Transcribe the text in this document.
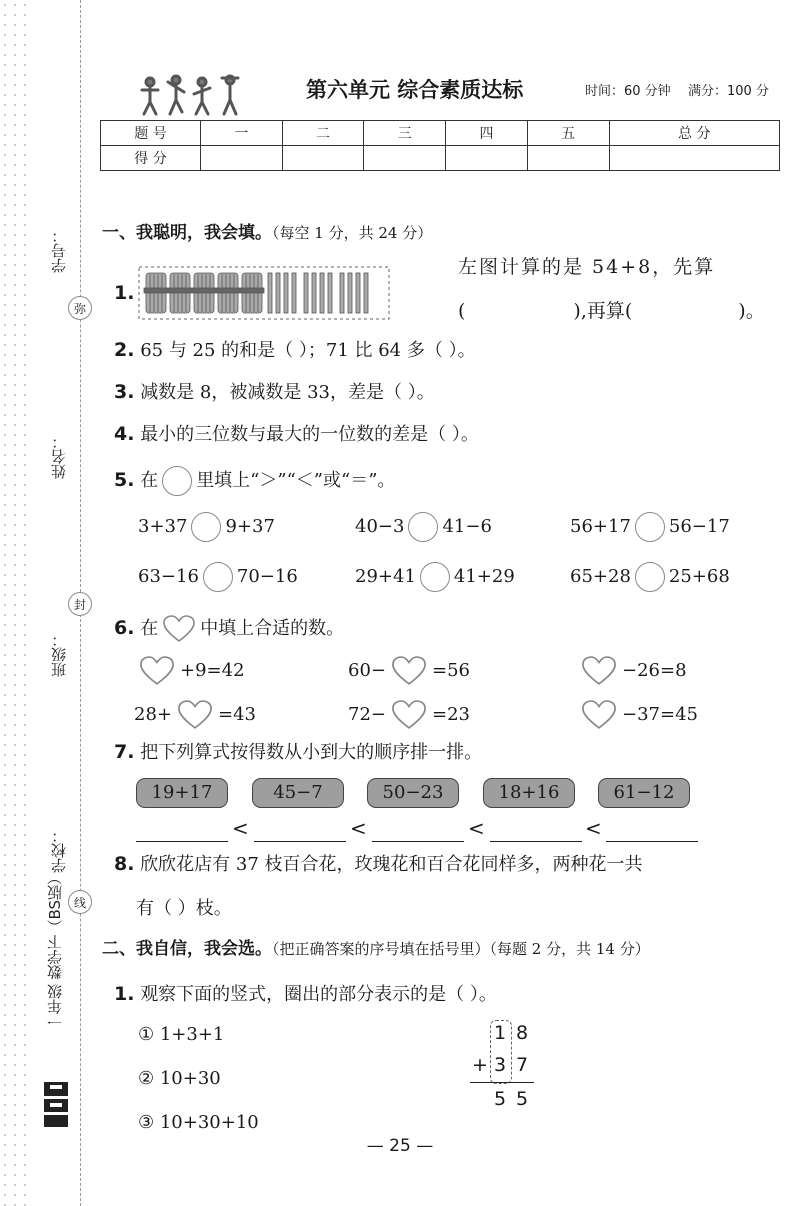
学号：
姓名：
班级：
学校：
弥
封
线
一年级 数学下（BS版）
第六单元 综合素质达标	时间：60 分钟 满分：100 分
题 号	一	二	三	四	五	总 分
得 分						
一、我聪明，我会填。（每空 1 分，共 24 分）
1.
左图计算的是 54+8，先算
(	),再算(	)。
2. 65 与 25 的和是（ ）；71 比 64 多（ ）。
3. 减数是 8，被减数是 33，差是（ ）。
4. 最小的三位数与最大的一位数的差是（ ）。
5. 在 里填上“＞”“＜”或“＝”。
3+37 9+37	40−3 41−6	56+17 56−17
63−16 70−16	29+41 41+29	65+28 25+68
6. 在 中填上合适的数。
+9=42	60−	=56	−26=8
28+	=43	72−	=23	−37=45
7. 把下列算式按得数从小到大的顺序排一排。
19+17	45−7	50−23	18+16	61−12
<	<	<	<
8. 欣欣花店有 37 枝百合花，玫瑰花和百合花同样多，两种花一共
有（ ）枝。
二、我自信，我会选。（把正确答案的序号填在括号里）（每题 2 分，共 14 分）
1. 观察下面的竖式，圈出的部分表示的是（ ）。
① 1+3+1
② 10+30
③ 10+30+10
1 8
+ 3 7
5 5
— 25 —
